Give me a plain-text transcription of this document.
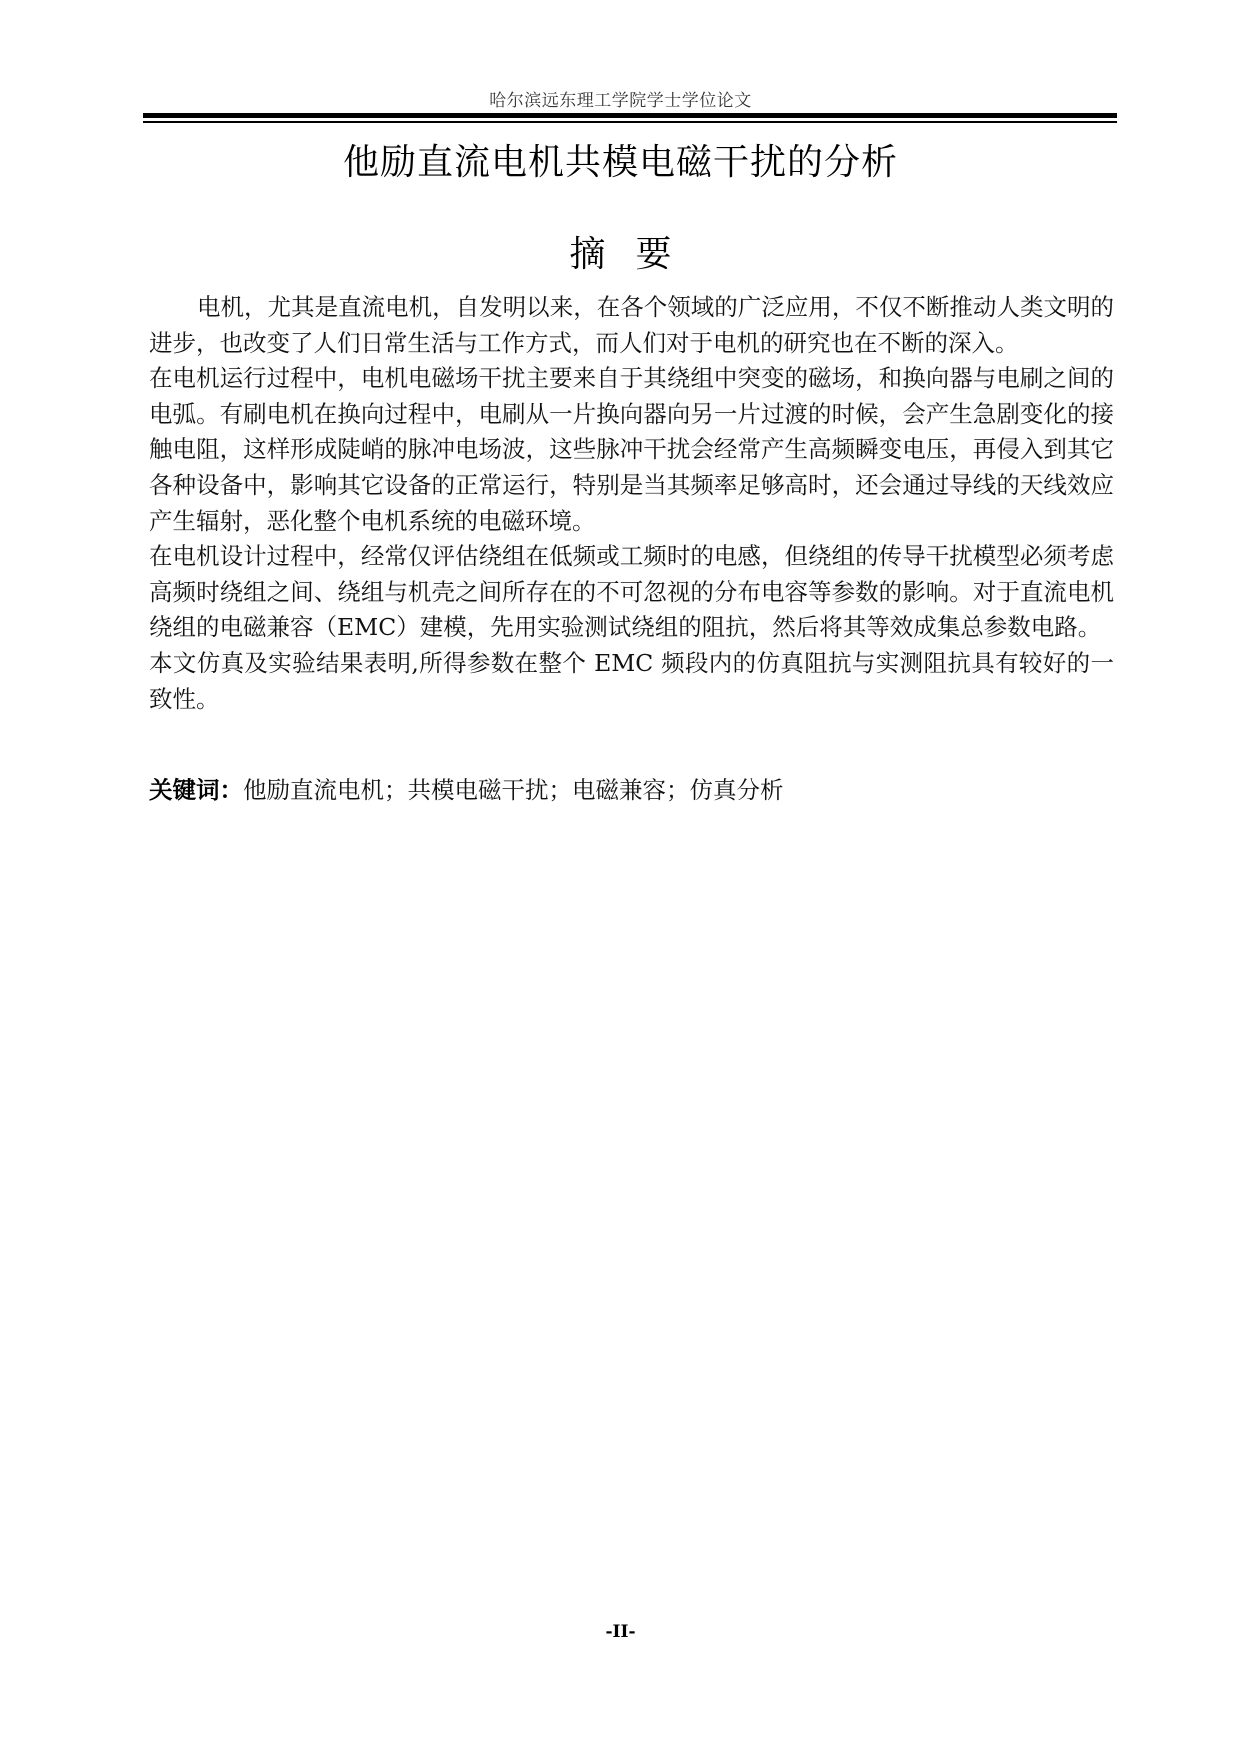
哈尔滨远东理工学院学士学位论文
他励直流电机共模电磁干扰的分析
摘要

电机，尤其是直流电机，自发明以来，在各个领域的广泛应用，不仅不断推动人类文明的进步，也改变了人们日常生活与工作方式，而人们对于电机的研究也在不断的深入。

在电机运行过程中，电机电磁场干扰主要来自于其绕组中突变的磁场，和换向器与电刷之间的电弧。有刷电机在换向过程中，电刷从一片换向器向另一片过渡的时候，会产生急剧变化的接触电阻，这样形成陡峭的脉冲电场波，这些脉冲干扰会经常产生高频瞬变电压，再侵入到其它各种设备中，影响其它设备的正常运行，特别是当其频率足够高时，还会通过导线的天线效应产生辐射，恶化整个电机系统的电磁环境。

在电机设计过程中，经常仅评估绕组在低频或工频时的电感，但绕组的传导干扰模型必须考虑高频时绕组之间、绕组与机壳之间所存在的不可忽视的分布电容等参数的影响。对于直流电机绕组的电磁兼容（EMC）建模，先用实验测试绕组的阻抗，然后将其等效成集总参数电路。

本文仿真及实验结果表明,所得参数在整个 EMC 频段内的仿真阻抗与实测阻抗具有较好的一致性。

关键词：他励直流电机；共模电磁干扰；电磁兼容；仿真分析
-II-
